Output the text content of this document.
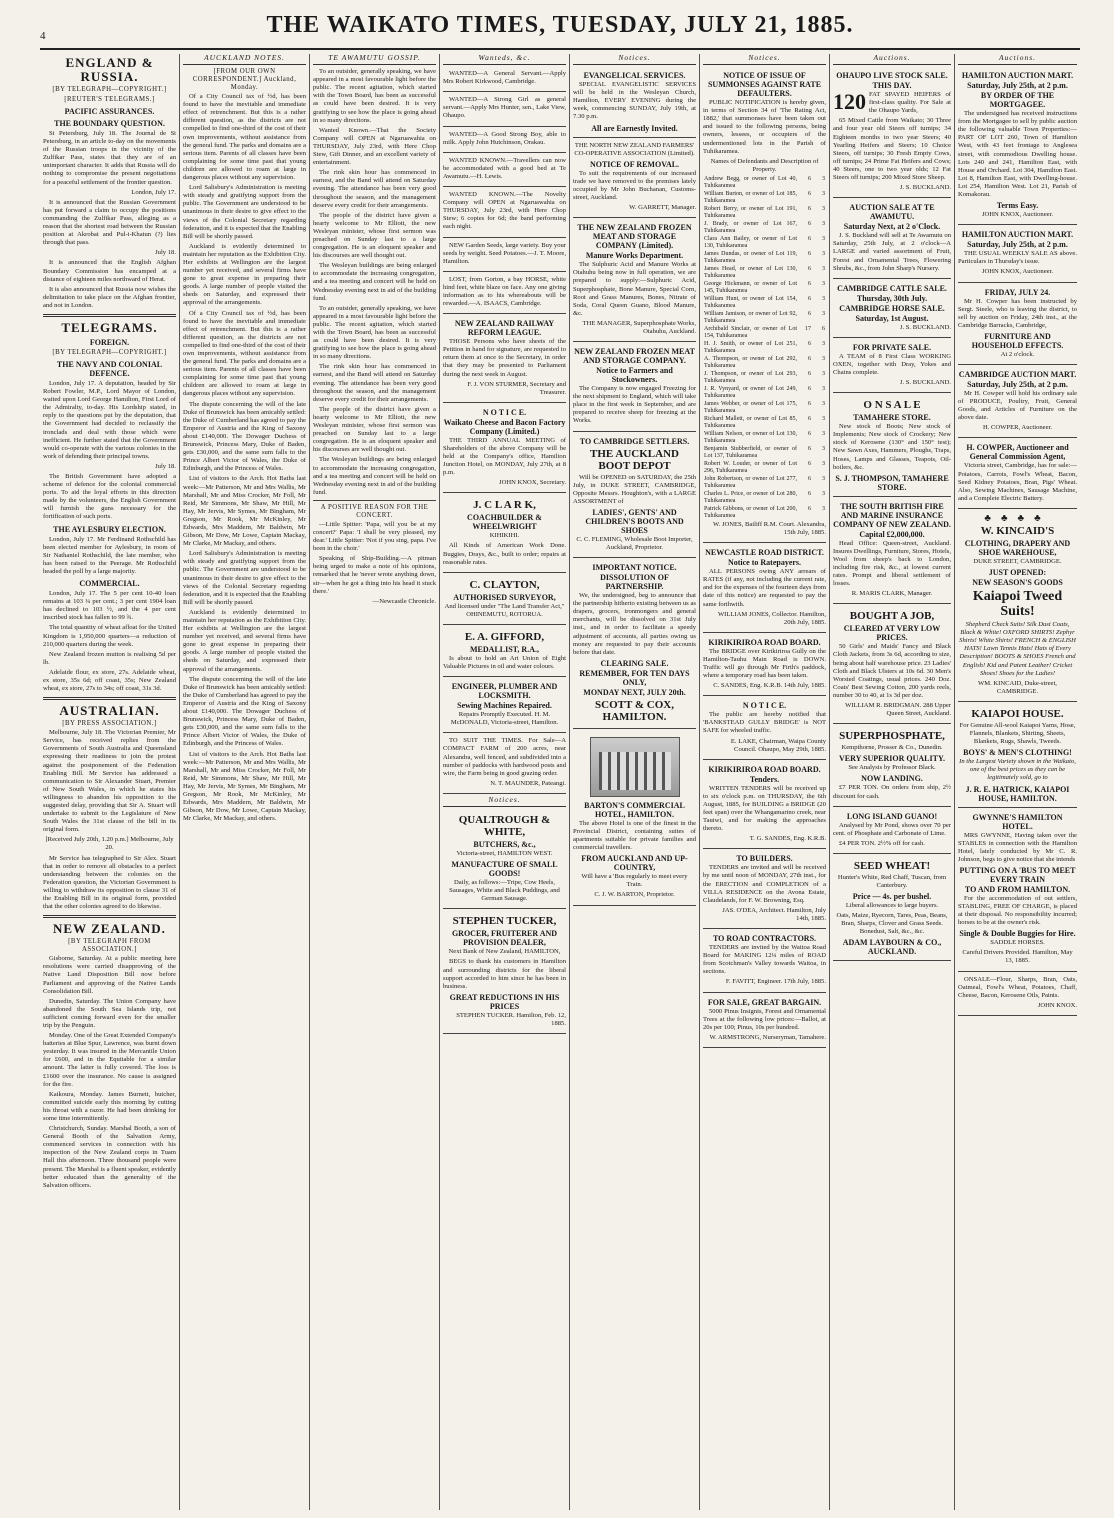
4	THE WAIKATO TIMES, TUESDAY, JULY 21, 1885.
ENGLAND & RUSSIA.
[BY TELEGRAPH—COPYRIGHT.]
[REUTER'S TELEGRAMS.]
PACIFIC ASSURANCES.
THE BOUNDARY QUESTION.

St Petersburg, July 18. The Journal de St Petersburg, in an article to-day on the movements of the Russian troops in the vicinity of the Zulfikar Pass, states that they are of an unimportant character. It adds that Russia will do nothing to compromise the present negotiations for a peaceful settlement of the frontier question.

London, July 17.

It is announced that the Russian Government has put forward a claim to occupy the positions commanding the Zulfikar Pass, alleging as a reason that the shortest road between the Russian position at Akrobat and Pul-i-Khatun (?) lies through that pass.

July 18.

It is announced that the English Afghan Boundary Commission has encamped at a distance of eighteen miles northward of Herat.

It is also announced that Russia now wishes the delimitation to take place on the Afghan frontier, and not in London.

TELEGRAMS.
FOREIGN.
[BY TELEGRAPH—COPYRIGHT.]
THE NAVY AND COLONIAL DEFENCE.

London, July 17. A deputation, headed by Sir Robert Fowler, M.P., Lord Mayor of London, waited upon Lord George Hamilton, First Lord of the Admiralty, to-day. His Lordship stated, in reply to the questions put by the deputation, that the Government had decided to reclassify the ironclads and deal with those which were inefficient. He further stated that the Government would co-operate with the various colonies in the work of defending their principal towns.

July 18.

The British Government have adopted a scheme of defence for the colonial commercial ports. To aid the loyal efforts in this direction made by the volunteers, the English Government will furnish the guns necessary for the fortification of such ports.

THE AYLESBURY ELECTION.

London, July 17. Mr Ferdinand Rothschild has been elected member for Aylesbury, in room of Sir Nathaniel Rothschild, the late member, who has been raised to the Peerage. Mr Rothschild headed the poll by a large majority.

COMMERCIAL.

London, July 17. The 5 per cent 10-40 loan remains at 103 ¼ per cent.; 3 per cent 1904 loan has declined to 103 ½, and the 4 per cent inscribed stock has fallen to 99 ¾.

The total quantity of wheat afloat for the United Kingdom is 1,950,000 quarters—a reduction of 210,000 quarters during the week.

New Zealand frozen mutton is realising 5d per lb.

Adelaide flour, ex store, 27s. Adelaide wheat, ex store, 35s 6d; off coast, 35s; New Zealand wheat, ex store, 27s to 34s; off coast, 31s 3d.

AUSTRALIAN.
[BY PRESS ASSOCIATION.]

Melbourne, July 18. The Victorian Premier, Mr Service, has received replies from the Governments of South Australia and Queensland expressing their readiness to join the protest against the postponement of the Federation Enabling Bill. Mr Service has addressed a communication to Sir Alexander Stuart, Premier of New South Wales, in which he states his willingness to abandon his opposition to the suggested delay, providing that Sir A. Stuart will undertake to submit to the Legislature of New South Wales the 31st clause of the bill in its original form.

[Received July 20th, 1.20 p.m.] Melbourne, July 20.

Mr Service has telegraphed to Sir Alex. Stuart that in order to remove all obstacles to a perfect understanding between the colonies on the Federation question, the Victorian Government is willing to withdraw its opposition to clause 31 of the Enabling Bill in its original form, provided that the other colonies agreed to do likewise.

NEW ZEALAND.
[BY TELEGRAPH FROM ASSOCIATION.]

Gisborne, Saturday. At a public meeting here resolutions were carried disapproving of the Native Land Disposition Bill now before Parliament and approving of the Native Lands Consolidation Bill.

Dunedin, Saturday. The Union Company have abandoned the South Sea Islands trip, not sufficient coming forward even for the smaller trip by the Penguin.

Monday. One of the Great Extended Company's batteries at Blue Spur, Lawrence, was burnt down yesterday. It was insured in the Mercantile Union for £600, and in the Equitable for a similar amount. The latter is fully covered. The loss is £1600 over the insurance. No cause is assigned for the fire.

Kaikoura, Monday. James Burnett, butcher, committed suicide early this morning by cutting his throat with a razor. He had been drinking for some time intermittently.

Christchurch, Sunday. Marshal Booth, a son of General Booth of the Salvation Army, commenced services in connection with his inspection of the New Zealand corps in Tuam Hall this afternoon. Three thousand people were present. The Marshal is a fluent speaker, evidently better educated than the generality of the Salvation officers.

AUCKLAND NOTES.
[FROM OUR OWN CORRESPONDENT.] Auckland, Monday.

Of a City Council tax of ½d, has been found to have the inevitable and immediate effect of retrenchment. But this is a rather different question, as the districts are not compelled to find one-third of the cost of their own improvements, without assistance from the general fund. The parks and domains are a serious item. Parents of all classes have been complaining for some time past that young children are allowed to roam at large in dangerous places without any supervision.

Lord Salisbury's Administration is meeting with steady and gratifying support from the public. The Government are understood to be unanimous in their desire to give effect to the views of the Colonial Secretary regarding federation, and it is expected that the Enabling Bill will be shortly passed.

Auckland is evidently determined to maintain her reputation as the Exhibition City. Her exhibits at Wellington are the largest number yet received, and several firms have gone to great expense in preparing their goods. A large number of people visited the sheds on Saturday, and expressed their approval of the arrangements.

Of a City Council tax of ½d, has been found to have the inevitable and immediate effect of retrenchment. But this is a rather different question, as the districts are not compelled to find one-third of the cost of their own improvements, without assistance from the general fund. The parks and domains are a serious item. Parents of all classes have been complaining for some time past that young children are allowed to roam at large in dangerous places without any supervision.

The dispute concerning the will of the late Duke of Brunswick has been amicably settled: the Duke of Cumberland has agreed to pay the Emperor of Austria and the King of Saxony about £140,000. The Dowager Duchess of Brunswick, Princess Mary, Duke of Baden, gets £30,000, and the same sum falls to the Prince Albert Victor of Wales, the Duke of Edinburgh, and the Princess of Wales.

List of visitors to the Arch. Hot Baths last week:—Mr Patterson, Mr and Mrs Wallis, Mr Marshall, Mr and Miss Crocker, Mr Foll, Mr Reid, Mr Simmons, Mr Shaw, Mr Hill, Mr Hay, Mr Jervis, Mr Symes, Mr Bingham, Mr Gregson, Mr Rook, Mr McKinley, Mr Edwards, Mrs Maddern, Mr Baldwin, Mr Gibson, Mr Dow, Mr Lowe, Captain Mackay, Mr Clarke, Mr Mackay, and others.

Lord Salisbury's Administration is meeting with steady and gratifying support from the public. The Government are understood to be unanimous in their desire to give effect to the views of the Colonial Secretary regarding federation, and it is expected that the Enabling Bill will be shortly passed.

Auckland is evidently determined to maintain her reputation as the Exhibition City. Her exhibits at Wellington are the largest number yet received, and several firms have gone to great expense in preparing their goods. A large number of people visited the sheds on Saturday, and expressed their approval of the arrangements.

The dispute concerning the will of the late Duke of Brunswick has been amicably settled: the Duke of Cumberland has agreed to pay the Emperor of Austria and the King of Saxony about £140,000. The Dowager Duchess of Brunswick, Princess Mary, Duke of Baden, gets £30,000, and the same sum falls to the Prince Albert Victor of Wales, the Duke of Edinburgh, and the Princess of Wales.

List of visitors to the Arch. Hot Baths last week:—Mr Patterson, Mr and Mrs Wallis, Mr Marshall, Mr and Miss Crocker, Mr Foll, Mr Reid, Mr Simmons, Mr Shaw, Mr Hill, Mr Hay, Mr Jervis, Mr Symes, Mr Bingham, Mr Gregson, Mr Rook, Mr McKinley, Mr Edwards, Mrs Maddern, Mr Baldwin, Mr Gibson, Mr Dow, Mr Lowe, Captain Mackay, Mr Clarke, Mr Mackay, and others.

TE AWAMUTU GOSSIP.

To an outsider, generally speaking, we have appeared in a most favourable light before the public. The recent agitation, which started with the Town Board, has been as successful as could have been desired. It is very gratifying to see how the place is going ahead in so many directions.

Wanted Known.—That the Society Company will OPEN at Ngaruawahia on THURSDAY, July 23rd, with Here Chop Stew, Gift Dinner, and an excellent variety of entertainment.

The rink skin hour has commenced in earnest, and the Band will attend on Saturday evening. The attendance has been very good throughout the season, and the management deserve every credit for their arrangements.

The people of the district have given a hearty welcome to Mr Elliott, the new Wesleyan minister, whose first sermon was preached on Sunday last to a large congregation. He is an eloquent speaker and his discourses are well thought out.

The Wesleyan buildings are being enlarged to accommodate the increasing congregation, and a tea meeting and concert will be held on Wednesday evening next in aid of the building fund.

To an outsider, generally speaking, we have appeared in a most favourable light before the public. The recent agitation, which started with the Town Board, has been as successful as could have been desired. It is very gratifying to see how the place is going ahead in so many directions.

The rink skin hour has commenced in earnest, and the Band will attend on Saturday evening. The attendance has been very good throughout the season, and the management deserve every credit for their arrangements.

The people of the district have given a hearty welcome to Mr Elliott, the new Wesleyan minister, whose first sermon was preached on Sunday last to a large congregation. He is an eloquent speaker and his discourses are well thought out.

The Wesleyan buildings are being enlarged to accommodate the increasing congregation, and a tea meeting and concert will be held on Wednesday evening next in aid of the building fund.

A POSITIVE REASON FOR THE CONCERT.

—Little Spitter: 'Papa, will you be at my concert?' Papa: 'I shall be very pleased, my dear.' Little Spitter: 'Not if you sing, papa. I've been in the choir.'

Speaking of Ship-Building.—A pitman being urged to make a note of his opinions, remarked that he 'never wrote anything down, sir—when he got a thing into his head it stuck there.'

—Newcastle Chronicle.

Wanteds, &c.

WANTED—A General Servant.—Apply Mrs Robert Kirkwood, Cambridge.

WANTED—A Strong Girl as general servant.—Apply Mrs Hunter, sen., Lake View, Ohaupo.

WANTED—A Good Strong Boy, able to milk. Apply John Hutchinson, Orakau.

WANTED KNOWN.—Travellers can now be accommodated with a good bed at Te Awamutu.—H. Lewis.

WANTED KNOWN.—The Novelty Company will OPEN at Ngaruawahia on THURSDAY, July 23rd, with Here Chop Stew; 6 copies for 6d; the band performing each night.

NEW Garden Seeds, large variety. Buy your seeds by weight. Seed Potatoes.—J. T. Moore, Hamilton.

LOST, from Gorton, a bay HORSE, white hind feet, white blaze on face. Any one giving information as to his whereabouts will be rewarded.—A. ISAACS, Cambridge.

NEW ZEALAND RAILWAY REFORM LEAGUE.

THOSE Persons who have sheets of the Petition in hand for signature, are requested to return them at once to the Secretary, in order that they may be presented to Parliament during the next week in August.

F. J. VON STURMER, Secretary and Treasurer.

N O T I C E.
Waikato Cheese and Bacon Factory Company (Limited.)

THE THIRD ANNUAL MEETING of Shareholders of the above Company will be held at the Company's office, Hamilton Junction Hotel, on MONDAY, July 27th, at 8 p.m.

JOHN KNOX, Secretary.

J. C L A R K,
COACHBUILDER & WHEELWRIGHT

KIHIKIHI.

All Kinds of American Work Done. Buggies, Drays, &c., built to order; repairs at reasonable rates.

C. CLAYTON,
AUTHORISED SURVEYOR,

And licensed under "The Land Transfer Act," OHINEMUTU, ROTORUA.

E. A. GIFFORD,
MEDALLIST, R.A.,

Is about to hold an Art Union of Eight Valuable Pictures in oil and water colours.

ENGINEER, PLUMBER AND LOCKSMITH.
Sewing Machines Repaired.

Repairs Promptly Executed. H. M. McDONALD, Victoria-street, Hamilton.

TO SUIT THE TIMES. For Sale—A COMPACT FARM of 200 acres, near Alexandra, well fenced, and subdivided into a number of paddocks with hardwood posts and wire, the Farm being in good grazing order.

N. T. MAUNDER, Pateangi.

Notices.
QUALTROUGH & WHITE,
BUTCHERS, &c.,

Victoria-street, HAMILTON WEST.

MANUFACTURE OF SMALL GOODS!

Daily, as follows:—Tripe, Cow Heels, Sausages, White and Black Puddings, and German Sausage.

STEPHEN TUCKER,
GROCER, FRUITERER AND PROVISION DEALER,

Next Bank of New Zealand, HAMILTON,

BEGS to thank his customers in Hamilton and surrounding districts for the liberal support accorded to him since he has been in business.

GREAT REDUCTIONS IN HIS PRICES

STEPHEN TUCKER. Hamilton, Feb. 12, 1885.

Notices.
EVANGELICAL SERVICES.

SPECIAL EVANGELISTIC SERVICES will be held in the Wesleyan Church, Hamilton, EVERY EVENING during the week, commencing SUNDAY, July 19th, at 7.30 p.m.

All are Earnestly Invited.

THE NORTH NEW ZEALAND FARMERS' CO-OPERATIVE ASSOCIATION (Limited).

NOTICE OF REMOVAL.

To suit the requirements of our increased trade we have removed to the premises lately occupied by Mr John Buchanan, Customs-street, Auckland.

W. GARRETT, Manager.

THE NEW ZEALAND FROZEN MEAT AND STORAGE COMPANY (Limited).
Manure Works Department.

The Sulphuric Acid and Manure Works at Otahuhu being now in full operation, we are prepared to supply:—Sulphuric Acid, Superphosphate, Bone Manure, Special Corn, Root and Grass Manures, Bones, Nitrate of Soda, Coral Queen Guano, Blood Manure, &c.

THE MANAGER, Superphosphate Works, Otahuhu, Auckland.

NEW ZEALAND FROZEN MEAT AND STORAGE COMPANY.
Notice to Farmers and Stockowners.

The Company is now engaged Freezing for the next shipment to England, which will take place in the first week in September, and are prepared to receive sheep for freezing at the Works.

TO CAMBRIDGE SETTLERS.
THE AUCKLAND BOOT DEPOT

Will be OPENED on SATURDAY, the 25th July, in DUKE STREET, CAMBRIDGE, Opposite Messrs. Houghton's, with a LARGE ASSORTMENT of

LADIES', GENTS' AND CHILDREN'S BOOTS AND SHOES

C. C. FLEMING, Wholesale Boot Importer, Auckland, Proprietor.

IMPORTANT NOTICE.
DISSOLUTION OF PARTNERSHIP.

We, the undersigned, beg to announce that the partnership hitherto existing between us as drapers, grocers, ironmongers and general merchants, will be dissolved on 31st July inst., and in order to facilitate a speedy adjustment of accounts, all parties owing us money are requested to pay their accounts before that date.

CLEARING SALE.
REMEMBER, FOR TEN DAYS ONLY,
MONDAY NEXT, JULY 20th.
SCOTT & COX, HAMILTON.
BARTON'S COMMERCIAL HOTEL, HAMILTON.

The above Hotel is one of the finest in the Provincial District, containing suites of apartments suitable for private families and commercial travellers.

FROM AUCKLAND AND UP-COUNTRY,

Will have a 'Bus regularly to meet every Train.

C. J. W. BARTON, Proprietor.

Notices.
NOTICE OF ISSUE OF SUMMONSES AGAINST RATE DEFAULTERS.

PUBLIC NOTIFICATION is hereby given, in terms of Section 34 of 'The Rating Act, 1882,' that summonses have been taken out and issued to the following persons, being owners, lessees, or occupiers of the undermentioned lots in the Parish of Tuhikaramea.

Names of Defendants and Description of Property.

Andrew Begg, or owner of Lot 40, Tuhikaramea	6	3
William Burton, or owner of Lot 185, Tuhikaramea	6	3
Robert Berry, or owner of Lot 191, Tuhikaramea	6	3
J. Brady, or owner of Lot 167, Tuhikaramea	6	3
Clara Ann Bailey, or owner of Lot 130, Tuhikaramea	6	3
James Dundas, or owner of Lot 119, Tuhikaramea	6	3
James Head, or owner of Lot 130, Tuhikaramea	6	3
George Hickmann, or owner of Lot 145, Tuhikaramea	6	3
William Hunt, or owner of Lot 154, Tuhikaramea	6	3
William Jamison, or owner of Lot 92, Tuhikaramea	6	3
Archibald Sinclair, or owner of Lot 154, Tuhikaramea	17	6
H. J. Smith, or owner of Lot 251, Tuhikaramea	6	3
A. Thompson, or owner of Lot 292, Tuhikaramea	6	3
J. Thompson, or owner of Lot 293, Tuhikaramea	6	3
J. R. Vynyard, or owner of Lot 249, Tuhikaramea	6	3
James Webber, or owner of Lot 175, Tuhikaramea	6	3
Richard Mallett, or owner of Lot 85, Tuhikaramea	6	3
William Nelson, or owner of Lot 130, Tuhikaramea	6	3
Benjamin Stubberfield, or owner of Lot 137, Tuhikaramea	6	3
Robert W. Louder, or owner of Lot 296, Tuhikaramea	6	3
John Robertson, or owner of Lot 277, Tuhikaramea	6	3
Charles L. Price, or owner of Lot 280, Tuhikaramea	6	3
Patrick Gibbons, or owner of Lot 200, Tuhikaramea	6	3

W. JONES, Bailiff R.M. Court. Alexandra, 15th July, 1885.

NEWCASTLE ROAD DISTRICT.
Notice to Ratepayers.

ALL PERSONS owing ANY arrears of RATES (if any, not including the current rate, and for the expenses of the fourteen days from date of this notice) are requested to pay the same forthwith.

WILLIAM JONES, Collector. Hamilton, 20th July, 1885.

KIRIKIRIROA ROAD BOARD.

The BRIDGE over Kirikiriroa Gully on the Hamilton-Tauhu Main Road is DOWN. Traffic will go through Mr Firth's paddock, where a temporary road has been taken.

C. SANDES, Eng. K.R.B. 14th July, 1885.

N O T I C E.

The public are hereby notified that 'BANKSTEAD GULLY BRIDGE' is NOT SAFE for wheeled traffic.

E. LAKE, Chairman, Waipa County Council. Ohaupo, May 29th, 1885.

KIRIKIRIROA ROAD BOARD.
Tenders.

WRITTEN TENDERS will be received up to six o'clock p.m. on THURSDAY, the 6th August, 1885, for BUILDING a BRIDGE (20 feet span) over the Whangamarino creek, near Tauiwi, and for making the approaches thereto.

T. G. SANDES, Eng. K.R.B.

TO BUILDERS.

TENDERS are invited and will be received by me until noon of MONDAY, 27th inst., for the ERECTION and COMPLETION of a VILLA RESIDENCE on the Avona Estate, Claudelands, for F. W. Browning, Esq.

JAS. O'DEA, Architect. Hamilton, July 14th, 1885.

TO ROAD CONTRACTORS.

TENDERS are invited by the Waitoa Road Board for MAKING 12¼ miles of ROAD from Scotchman's Valley towards Waitoa, in sections.

F. FAVITT, Engineer. 17th July, 1885.

FOR SALE, GREAT BARGAIN.

5000 Pinus Insignis, Forest and Ornamental Trees at the following low prices:—Ballot, at 20s per 100; Pinus, 10s per hundred.

W. ARMSTRONG, Nurseryman, Tamahere.

Auctions.
OHAUPO LIVE STOCK SALE.
THIS DAY.

120 FAT SPAYED HEIFERS of first-class quality. For Sale at the Ohaupo Yards,

65 Mixed Cattle from Waikato; 30 Three and four year old Steers off turnips; 34 Eighteen months to two year Steers; 40 Yearling Heifers and Steers; 10 Choice Steers, off turnips; 30 Fresh Empty Cows, off turnips; 24 Prime Fat Heifers and Cows; 40 Steers, one to two year olds; 12 Fat Steers off turnips; 200 Mixed Store Sheep.

J. S. BUCKLAND.

AUCTION SALE AT TE AWAMUTU.
Saturday Next, at 2 o'Clock.

J. S. Buckland will sell at Te Awamutu on Saturday, 25th July, at 2 o'clock—A LARGE and varied assortment of Fruit, Forest and Ornamental Trees, Flowering Shrubs, &c., from John Sharp's Nursery.

CAMBRIDGE CATTLE SALE.
Thursday, 30th July.
CAMBRIDGE HORSE SALE.
Saturday, 1st August.

J. S. BUCKLAND.

FOR PRIVATE SALE.

A TEAM of 8 First Class WORKING OXEN, together with Dray, Yokes and Chains complete.

J. S. BUCKLAND.

O N S A L E
TAMAHERE STORE.

New stock of Boots; New stock of Implements; New stock of Crockery; New stock of Kerosene (130° and 150° test); New Sawn Axes, Hammers, Ploughs, Traps, Hoses, Lamps and Glasses, Teapots, Oil-boilers, &c.

S. J. THOMPSON, TAMAHERE STORE.
THE SOUTH BRITISH FIRE AND MARINE INSURANCE COMPANY OF NEW ZEALAND.
Capital £2,000,000.

Head Office: Queen-street, Auckland. Insures Dwellings, Furniture, Stores, Hotels, Wool from sheep's back to London, including fire risk, &c., at lowest current rates. Prompt and liberal settlement of losses.

R. MARIS CLARK, Manager.

BOUGHT A JOB,
CLEARED AT VERY LOW PRICES.

50 Girls' and Maids' Fancy and Black Cloth Jackets, from 3s 6d, according to size, being about half warehouse price. 23 Ladies' Cloth and Black Ulsters at 10s 6d. 30 Men's Worsted Coatings, usual prices. 240 Doz. Coats' Best Sewing Cotton, 200 yards reels, number 30 to 40, at 1s 3d per doz.

WILLIAM R. BRIDGMAN. 288 Upper Queen Street, Auckland.

SUPERPHOSPHATE,

Kempthorne, Prosser & Co., Dunedin.

VERY SUPERIOR QUALITY.

See Analysis by Professor Black.

NOW LANDING.

£7 PER TON. On orders from ship, 2½ discount for cash.

LONG ISLAND GUANO!

Analysed by Mr Pond, shows over 70 per cent. of Phosphate and Carbonate of Lime.

£4 PER TON. 2½% off for cash.

SEED WHEAT!

Hunter's White, Red Chaff, Tuscan, from Canterbury.

Price — 4s. per bushel.

Liberal allowances to large buyers.

Oats, Maize, Ryecorn, Tares, Peas, Beans, Bran, Sharps, Clover and Grass Seeds. Bonedust, Salt, &c., &c.

ADAM LAYBOURN & CO., AUCKLAND.
Auctions.
HAMILTON AUCTION MART.
Saturday, July 25th, at 2 p.m.
BY ORDER OF THE MORTGAGEE.

The undersigned has received instructions from the Mortgagee to sell by public auction the following valuable Town Properties:—PART OF LOT 260, Town of Hamilton West, with 43 feet frontage to Anglesea street, with commodious Dwelling house. Lots 240 and 241, Hamilton East, with House and Orchard. Lot 304, Hamilton East. Lot 8, Hamilton East, with Dwelling-house. Lot 254, Hamilton West. Lot 21, Parish of Komakorau.

Terms Easy.

JOHN KNOX, Auctioneer.

HAMILTON AUCTION MART.
Saturday, July 25th, at 2 p.m.

THE USUAL WEEKLY SALE AS above. Particulars in Thursday's issue.

JOHN KNOX, Auctioneer.

FRIDAY, JULY 24.

Mr H. Cowper has been instructed by Sergt. Steele, who is leaving the district, to sell by auction on Friday, 24th inst., at the Cambridge Barracks, Cambridge,

FURNITURE AND HOUSEHOLD EFFECTS.

At 2 o'clock.

CAMBRIDGE AUCTION MART.
Saturday, July 25th, at 2 p.m.

Mr H. Cowper will hold his ordinary sale of PRODUCE, Poultry, Fruit, General Goods, and Articles of Furniture on the above date.

H. COWPER, Auctioneer.

H. COWPER, Auctioneer and General Commission Agent,

Victoria street, Cambridge, has for sale:—Potatoes, Carrots, Fowl's Wheat, Bacon, Seed Kidney Potatoes, Bran, Pigs' Wheat. Also, Sewing Machines, Sausage Machine, and a Complete Electric Battery.

♣♣♣♣
W. KINCAID'S
CLOTHING, DRAPERY AND SHOE WAREHOUSE,

DUKE STREET, CAMBRIDGE.

JUST OPENED:
NEW SEASON'S GOODS
Kaiapoi Tweed Suits!

Shepherd Check Suits! Silk Dust Coats, Black & White! OXFORD SHIRTS! Zephyr Shirts! White Shirts! FRENCH & ENGLISH HATS! Lawn Tennis Hats! Hats of Every Description! BOOTS & SHOES French and English! Kid and Patent Leather! Cricket Shoes! Shoes for the Ladies!

WM. KINCAID, Duke-street, CAMBRIDGE.

KAIAPOI HOUSE.

For Genuine All-wool Kaiapoi Yarns, Hose, Flannels, Blankets, Shirting, Sheets, Blankets, Rugs, Shawls, Tweeds.

BOYS' & MEN'S CLOTHING!

In the Largest Variety shown in the Waikato, one of the best prices as they can be legitimately sold, go to

J. R. E. HATRICK, KAIAPOI HOUSE, HAMILTON.
GWYNNE'S HAMILTON HOTEL.

MRS GWYNNE, Having taken over the STABLES in connection with the Hamilton Hotel, lately conducted by Mr C. R. Johnson, begs to give notice that she intends

PUTTING ON A 'BUS TO MEET EVERY TRAIN
TO AND FROM HAMILTON.

For the accommodation of out settlers, STABLING, FREE OF CHARGE, is placed at their disposal. No responsibility incurred; horses to be at the owner's risk.

Single & Double Buggies for Hire.

SADDLE HORSES.

Careful Drivers Provided. Hamilton, May 13, 1885.

ONSALE—Flour, Sharps, Bran, Oats, Oatmeal, Fowl's Wheat, Potatoes, Chaff, Cheese, Bacon, Kerosene Oils, Paints.

JOHN KNOX.
